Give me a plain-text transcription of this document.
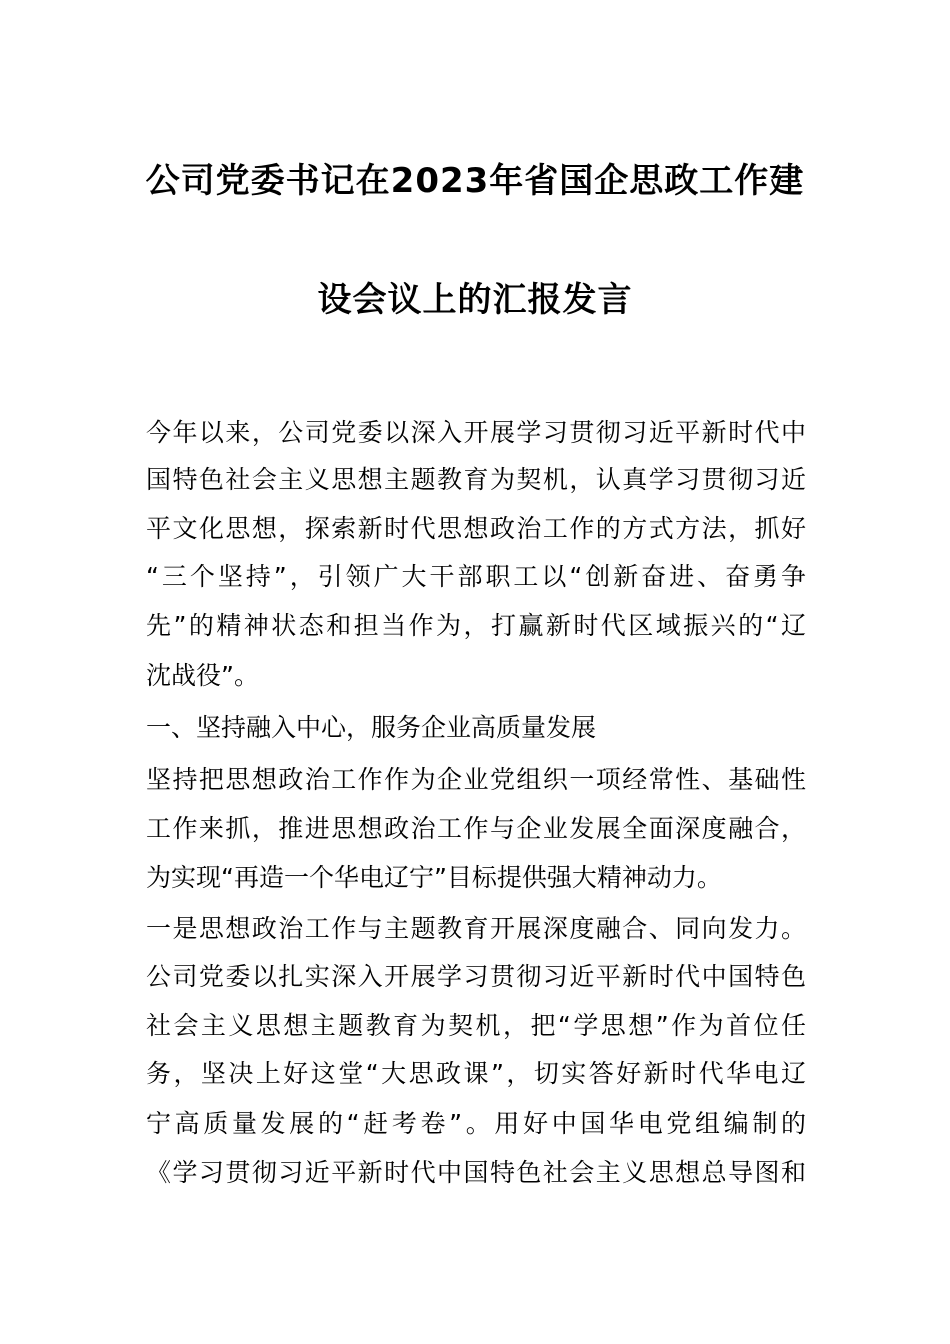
公司党委书记在2023年省国企思政工作建
设会议上的汇报发言
今年以来，公司党委以深入开展学习贯彻习近平新时代中
国特色社会主义思想主题教育为契机，认真学习贯彻习近
平文化思想，探索新时代思想政治工作的方式方法，抓好
“三个坚持”，引领广大干部职工以“创新奋进、奋勇争
先”的精神状态和担当作为，打赢新时代区域振兴的“辽
沈战役”。
一、坚持融入中心，服务企业高质量发展
坚持把思想政治工作作为企业党组织一项经常性、基础性
工作来抓，推进思想政治工作与企业发展全面深度融合，
为实现“再造一个华电辽宁”目标提供强大精神动力。
一是思想政治工作与主题教育开展深度融合、同向发力。
公司党委以扎实深入开展学习贯彻习近平新时代中国特色
社会主义思想主题教育为契机，把“学思想”作为首位任
务，坚决上好这堂“大思政课”，切实答好新时代华电辽
宁高质量发展的“赶考卷”。用好中国华电党组编制的
《学习贯彻习近平新时代中国特色社会主义思想总导图和
